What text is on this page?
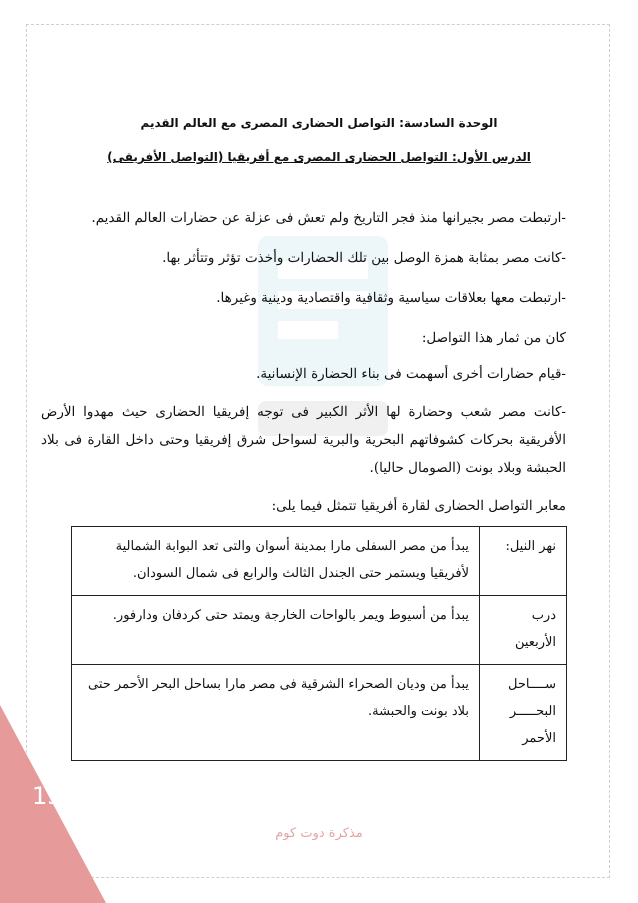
الوحدة السادسة: التواصل الحضارى المصرى مع العالم القديم
الدرس الأول: التواصل الحضارى المصرى مع أفريقيا (التواصل الأفريقى)
-ارتبطت مصر بجيرانها منذ فجر التاريخ ولم تعش فى عزلة عن حضارات العالم القديم.
-كانت مصر بمثابة همزة الوصل بين تلك الحضارات وأخذت تؤثر وتتأثر بها.
-ارتبطت معها بعلاقات سياسية وثقافية واقتصادية ودينية وغيرها.
كان من ثمار هذا التواصل:
-قيام حضارات أخرى أسهمت فى بناء الحضارة الإنسانية.
-كانت مصر شعب وحضارة لها الأثر الكبير فى توجه إفريقيا الحضارى حيث مهدوا الأرض الأفريقية بحركات كشوفاتهم البحرية والبرية لسواحل شرق إفريقيا وحتى داخل القارة فى بلاد الحبشة وبلاد بونت (الصومال حاليا).
معابر التواصل الحضارى لقارة أفريقيا تتمثل فيما يلى:
نهر النيل:	يبدأ من مصر السفلى مارا بمدينة أسوان والتى تعد البوابة الشمالية لأفريقيا ويستمر حتى الجندل الثالث والرابع فى شمال السودان.
درب الأربعين	يبدأ من أسيوط ويمر بالواحات الخارجة ويمتد حتى كردفان ودارفور.
ســــاحل البحـــــر الأحمر	يبدأ من وديان الصحراء الشرقية فى مصر مارا بساحل البحر الأحمر حتى بلاد بونت والحبشة.
134
مذكرة دوت كوم
